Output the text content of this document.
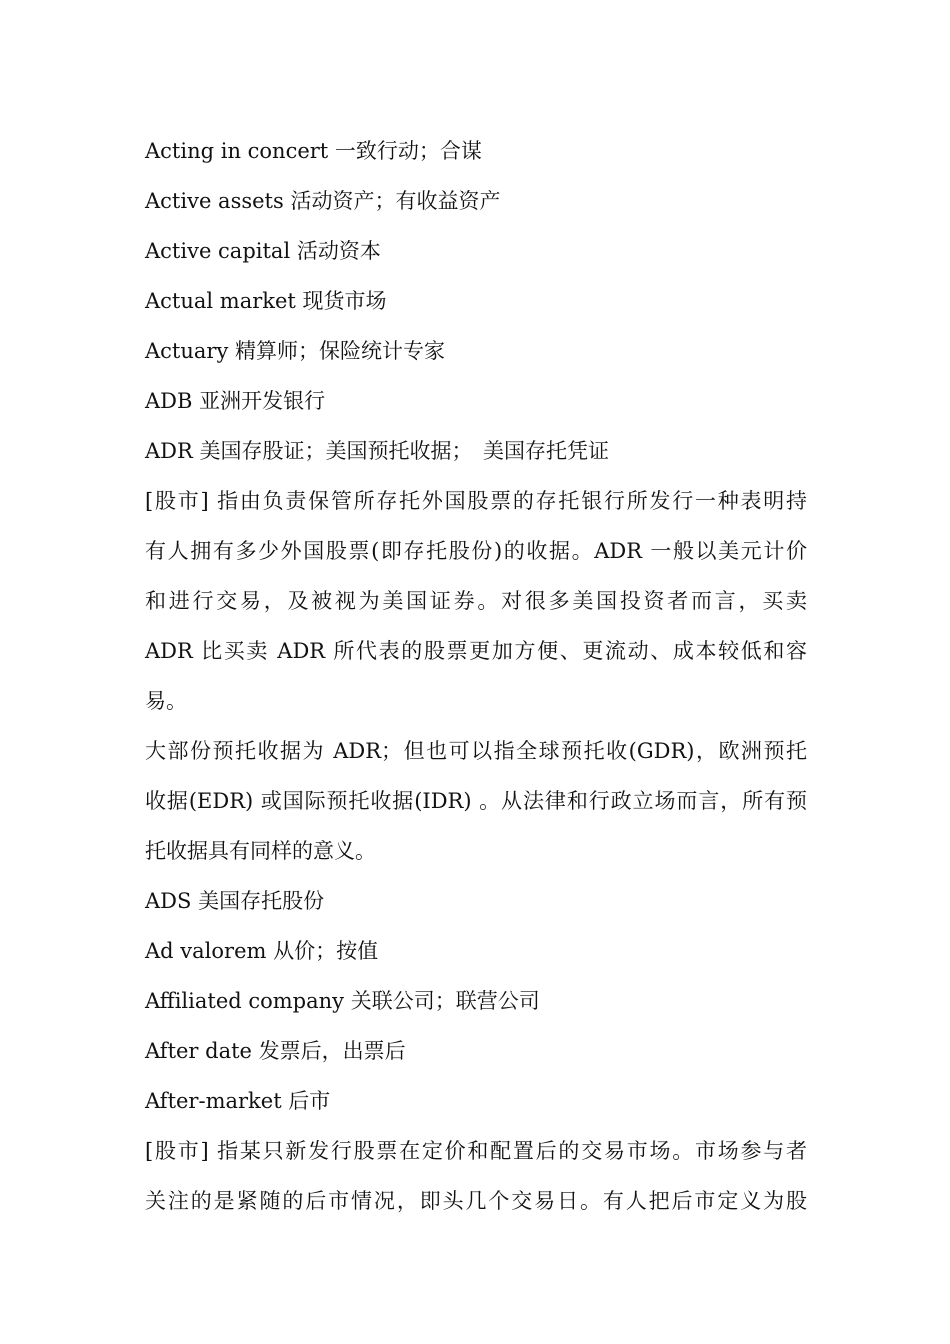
Acting in concert 一致行动；合谋

Active assets 活动资产；有收益资产

Active capital 活动资本

Actual market 现货市场

Actuary 精算师；保险统计专家

ADB 亚洲开发银行

ADR 美国存股证；美国预托收据；　美国存托凭证

[股市] 指由负责保管所存托外国股票的存托银行所发行一种表明持
有人拥有多少外国股票(即存托股份)的收据。ADR 一般以美元计价
和进行交易，及被视为美国证券。对很多美国投资者而言，买卖
ADR 比买卖 ADR 所代表的股票更加方便、更流动、成本较低和容
易。
大部份预托收据为 ADR；但也可以指全球预托收(GDR)，欧洲预托
收据(EDR) 或国际预托收据(IDR) 。从法律和行政立场而言，所有预
托收据具有同样的意义。

ADS 美国存托股份

Ad valorem 从价；按值

Affiliated company 关联公司；联营公司

After date 发票后，出票后

After-market 后市

[股市] 指某只新发行股票在定价和配置后的交易市场。市场参与者
关注的是紧随的后市情况，即头几个交易日。有人把后市定义为股
